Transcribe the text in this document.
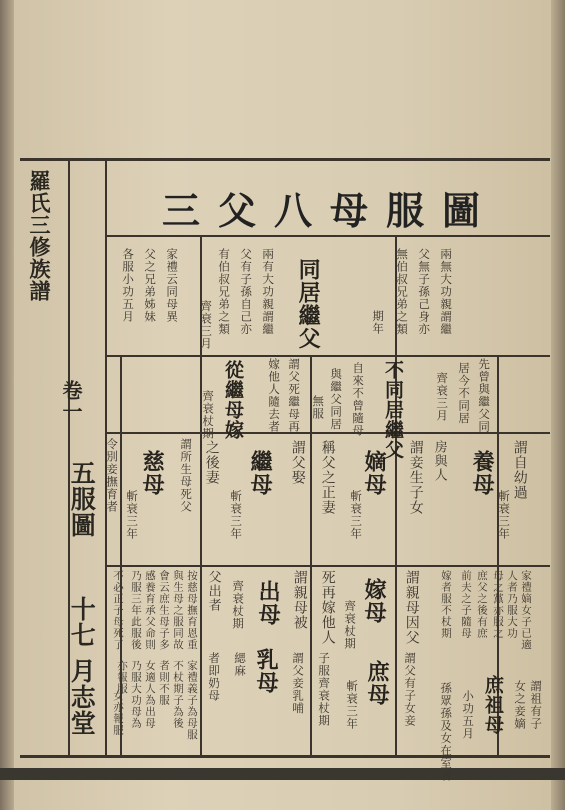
羅氏三修族譜
卷一
五服圖
十七
月志堂
三父八母服圖
兩無大功親謂繼
父無子孫己身亦
無伯叔兄弟之類
期年
同居繼父
兩有大功親謂繼
父有子孫自己亦
有伯叔兄弟之類
齊衰三月
家禮云同母異
父之兄弟姊妹
各服小功五月
先曾與繼父同
居今不同居
齊衰三月
不同居繼父
自來不曾隨母
與繼父同居
無服
謂父死繼母再
嫁他人隨去者
從繼母嫁
齊衰杖期
謂自幼過
房與人 養母
斬衰三年
謂妾生子女
嫡母
斬衰三年
稱父之正妻
謂父娶
繼母
斬衰三年
之後妻
謂所生母死父
慈母
斬衰三年
令別妾撫育者
謂親母因父
嫁母
齊衰杖期
死再嫁他人
謂親母被
出母
齊衰杖期
父出者
謂父有子女妾
庶母
斬衰三年
子服齊衰杖期
謂父妾乳哺
乳母
緦麻
者即奶母
謂祖有子
女之妾嫡
庶祖母
小功五月
孫眾孫及女在室者
家禮嫡女子已適
人者乃服大功
母之黨亦服之
庶父之後有庶
前夫之子隨母
嫁者服不杖期
按慈母撫育恩重
與生母之服同故
會云庶生母子多
感養育承父命則
乃服三年此服後
家禮義子為母服
不杖期子為後
者則不服
女適人為出母
乃服大功母為
亦報服
不必正子母死了
女亦報服
